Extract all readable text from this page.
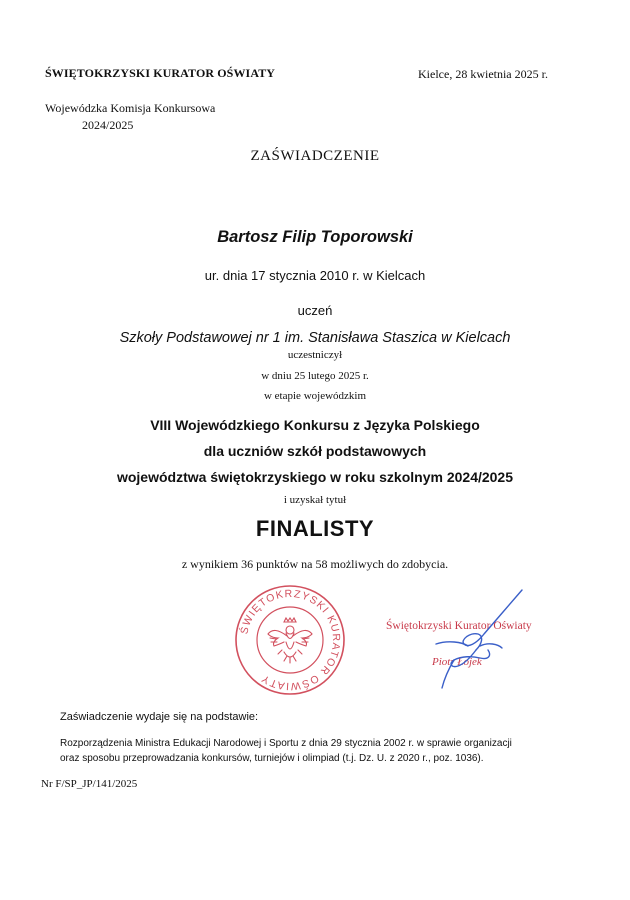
ŚWIĘTOKRZYSKI KURATOR OŚWIATY	Kielce, 28 kwietnia 2025 r.
Wojewódzka Komisja Konkursowa
2024/2025
ZAŚWIADCZENIE
Bartosz Filip Toporowski
ur. dnia 17 stycznia 2010 r. w Kielcach
uczeń
Szkoły Podstawowej nr 1 im. Stanisława Staszica w Kielcach
uczestniczył
w dniu 25 lutego 2025 r.
w etapie wojewódzkim
VIII Wojewódzkiego Konkursu z Języka Polskiego
dla uczniów szkół podstawowych
województwa świętokrzyskiego w roku szkolnym 2024/2025
i uzyskał tytuł
FINALISTY
z wynikiem 36 punktów na 58 możliwych do zdobycia.
ŚWIĘTOKRZYSKI KURATOR OŚWIATY
Świętokrzyski Kurator Oświaty
Piotr Łojek
Zaświadczenie wydaje się na podstawie:
Rozporządzenia Ministra Edukacji Narodowej i Sportu z dnia 29 stycznia 2002 r. w sprawie organizacji
oraz sposobu przeprowadzania konkursów, turniejów i olimpiad (t.j. Dz. U. z 2020 r., poz. 1036).
Nr F/SP_JP/141/2025
